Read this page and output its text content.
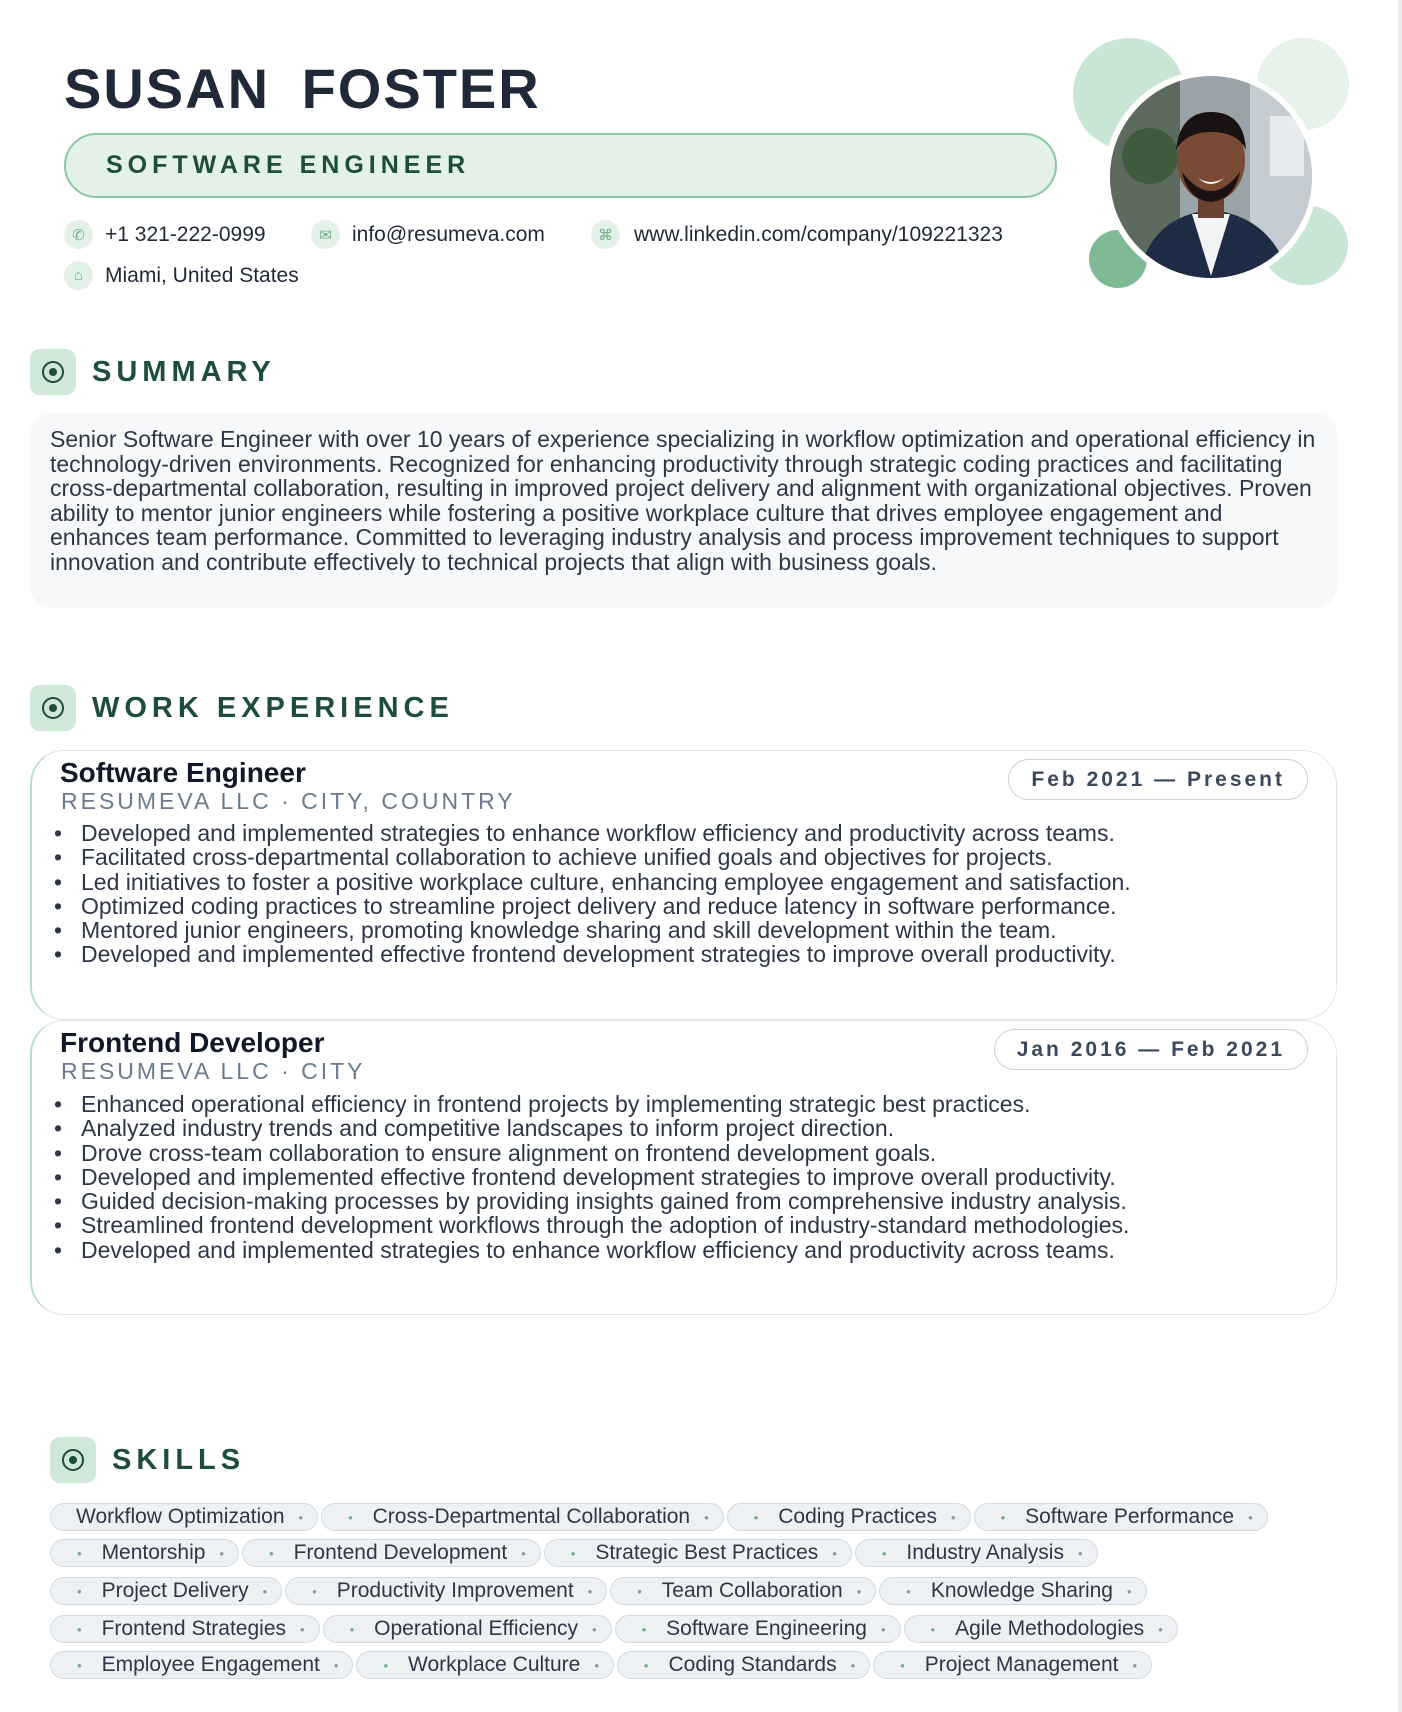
SUSAN FOSTER
SOFTWARE ENGINEER
✆ +1 321-222-0999	✉ info@resumeva.com	⌘	www.linkedin.com/company/109221323
⌂	Miami, United States
SUMMARY

Senior Software Engineer with over 10 years of experience specializing in workflow optimization and operational efficiency in technology-driven environments. Recognized for enhancing productivity through strategic coding practices and facilitating cross-departmental collaboration, resulting in improved project delivery and alignment with organizational objectives. Proven ability to mentor junior engineers while fostering a positive workplace culture that drives employee engagement and enhances team performance. Committed to leveraging industry analysis and process improvement techniques to support innovation and contribute effectively to technical projects that align with business goals.

WORK EXPERIENCE
Software Engineer
RESUMEVA LLC · CITY, COUNTRY
Feb 2021 — Present
• Developed and implemented strategies to enhance workflow efficiency and productivity across teams.
• Facilitated cross-departmental collaboration to achieve unified goals and objectives for projects.
• Led initiatives to foster a positive workplace culture, enhancing employee engagement and satisfaction.
• Optimized coding practices to streamline project delivery and reduce latency in software performance.
• Mentored junior engineers, promoting knowledge sharing and skill development within the team.
• Developed and implemented effective frontend development strategies to improve overall productivity.
Frontend Developer
RESUMEVA LLC · CITY
Jan 2016 — Feb 2021
• Enhanced operational efficiency in frontend projects by implementing strategic best practices.
• Analyzed industry trends and competitive landscapes to inform project direction.
• Drove cross-team collaboration to ensure alignment on frontend development goals.
• Developed and implemented effective frontend development strategies to improve overall productivity.
• Guided decision-making processes by providing insights gained from comprehensive industry analysis.
• Streamlined frontend development workflows through the adoption of industry-standard methodologies.
• Developed and implemented strategies to enhance workflow efficiency and productivity across teams.
SKILLS
Workflow Optimization •	• Cross-Departmental Collaboration •	• Coding Practices •	• Software Performance •
• Mentorship •	• Frontend Development •	• Strategic Best Practices •	• Industry Analysis •
• Project Delivery •	• Productivity Improvement •	• Team Collaboration •	• Knowledge Sharing •
• Frontend Strategies •	• Operational Efficiency •	• Software Engineering •	• Agile Methodologies •
• Employee Engagement •	• Workplace Culture •	• Coding Standards •	• Project Management •
